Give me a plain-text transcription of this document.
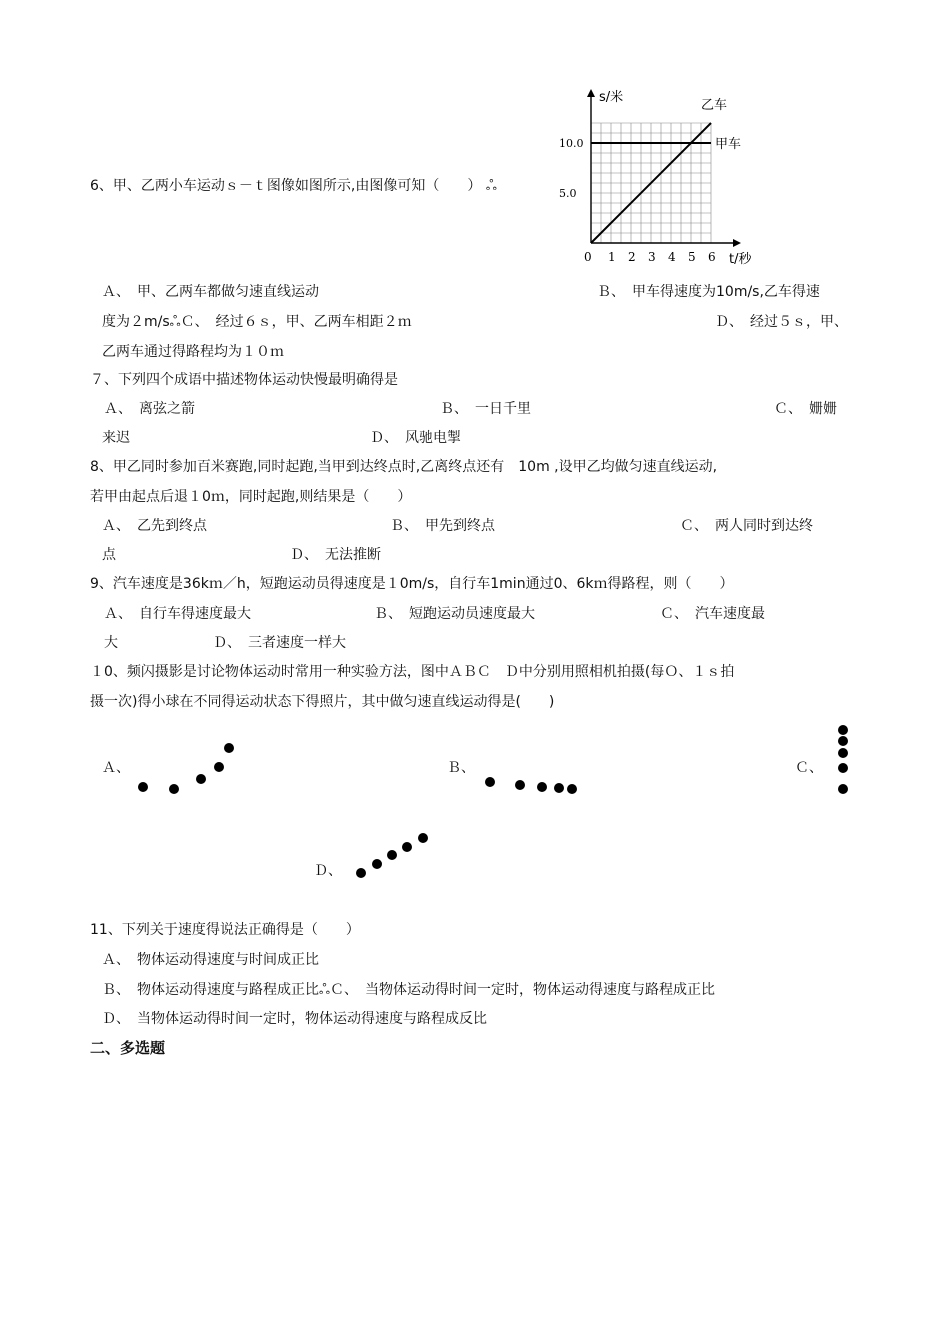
6、甲、乙两小车运动ｓ－ｔ图像如图所示,由图像可知（　　） ஃ
甲车
乙车
0 1 2 3 4 5 6
5.0
10.0
s/米
t/秒
Ａ、　甲、乙两车都做匀速直线运动	Ｂ、　甲车得速度为10m/s,乙车得速
度为２m/sஃＣ、　经过６ｓ，甲、乙两车相距２ｍ	Ｄ、　经过５ｓ，甲、
乙两车通过得路程均为１０ｍ
７、下列四个成语中描述物体运动快慢最明确得是
Ａ、　离弦之箭	Ｂ、　一日千里	Ｃ、　姗姗
来迟	Ｄ、　风驰电掣
8、甲乙同时参加百米赛跑,同时起跑,当甲到达终点时,乙离终点还有　10m ,设甲乙均做匀速直线运动,
若甲由起点后退１0ｍ，同时起跑,则结果是（　　）
Ａ、　乙先到终点	Ｂ、　甲先到终点	Ｃ、　两人同时到达终
点	Ｄ、　无法推断
9、汽车速度是36kｍ／h，短跑运动员得速度是１0m/s，自行车1min通过0、6kｍ得路程，则（　　）
Ａ、　自行车得速度最大	Ｂ、　短跑运动员速度最大	Ｃ、　汽车速度最
大	Ｄ、　三者速度一样大
１0、频闪摄影是讨论物体运动时常用一种实验方法，图中ＡＢＣ　Ｄ中分别用照相机拍摄(每Ｏ、１ｓ拍
摄一次)得小球在不同得运动状态下得照片，其中做匀速直线运动得是(　　)
Ａ、	Ｂ、	Ｃ、
Ｄ、
11、下列关于速度得说法正确得是（　　）
Ａ、　物体运动得速度与时间成正比
Ｂ、　物体运动得速度与路程成正比ஃＣ、　当物体运动得时间一定时，物体运动得速度与路程成正比
Ｄ、　当物体运动得时间一定时，物体运动得速度与路程成反比
二、多选题
